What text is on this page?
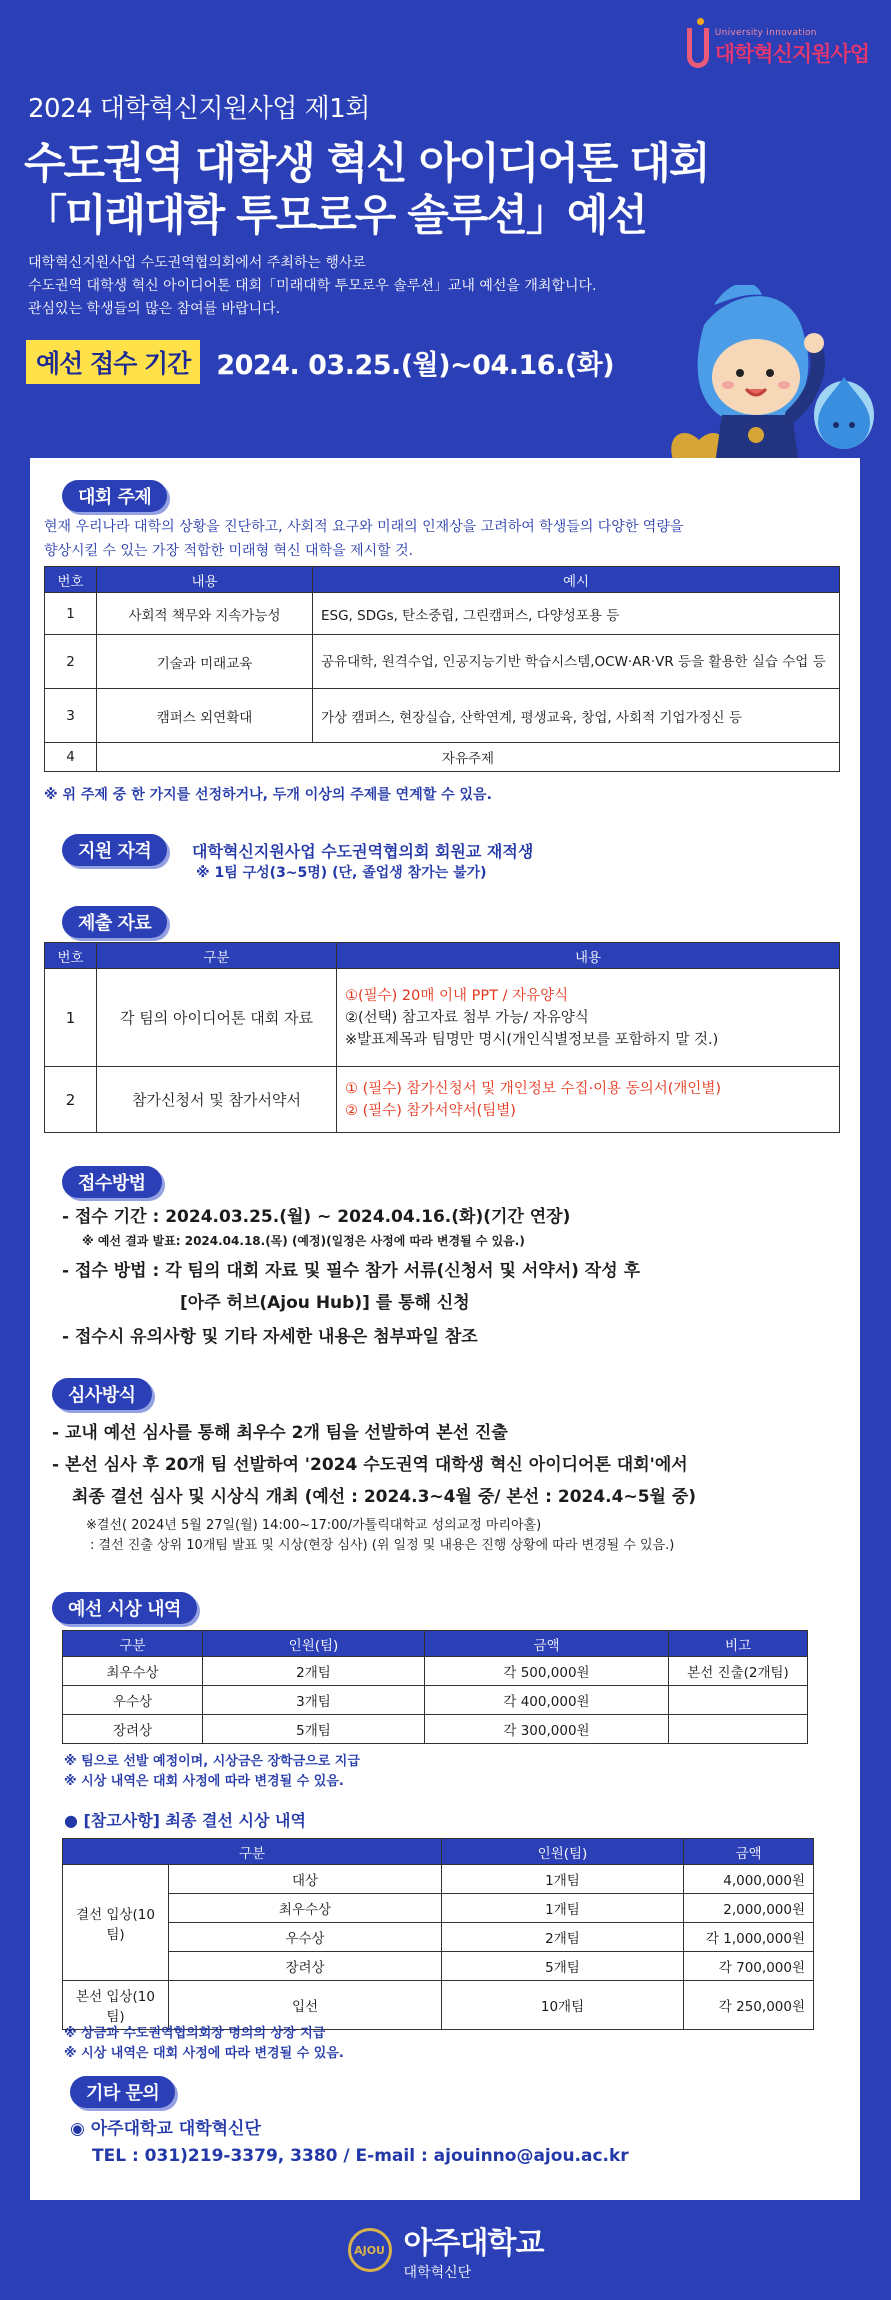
University innovation
대학혁신지원사업
2024 대학혁신지원사업 제1회
수도권역 대학생 혁신 아이디어톤 대회
「미래대학 투모로우 솔루션」예선

대학혁신지원사업 수도권역협의회에서 주최하는 행사로

수도권역 대학생 혁신 아이디어톤 대회「미래대학 투모로우 솔루션」교내 예선을 개최합니다.

관심있는 학생들의 많은 참여를 바랍니다.

예선 접수 기간 2024. 03.25.(월)~04.16.(화)
대회 주제
현재 우리나라 대학의 상황을 진단하고, 사회적 요구와 미래의 인재상을 고려하여 학생들의 다양한 역량을
향상시킬 수 있는 가장 적합한 미래형 혁신 대학을 제시할 것.
번호	내용	예시
1	사회적 책무와 지속가능성	ESG, SDGs, 탄소중립, 그린캠퍼스, 다양성포용 등
2	기술과 미래교육	공유대학, 원격수업, 인공지능기반 학습시스템,OCW·AR·VR 등을 활용한 실습 수업 등
3	캠퍼스 외연확대	가상 캠퍼스, 현장실습, 산학연계, 평생교육, 창업, 사회적 기업가정신 등
4	자유주제	
※ 위 주제 중 한 가지를 선정하거나, 두개 이상의 주제를 연계할 수 있음.
지원 자격	대학혁신지원사업 수도권역협의회 회원교 재적생
※ 1팀 구성(3~5명) (단, 졸업생 참가는 불가)
제출 자료
번호	구분	내용
1	각 팀의 아이디어톤 대회 자료	①(필수) 20매 이내 PPT / 자유양식
②(선택) 참고자료 첨부 가능/ 자유양식
※발표제목과 팀명만 명시(개인식별정보를 포함하지 말 것.)

2	참가신청서 및 참가서약서	① (필수) 참가신청서 및 개인정보 수집·이용 동의서(개인별)
② (필수) 참가서약서(팀별)
접수방법
- 접수 기간 : 2024.03.25.(월) ~ 2024.04.16.(화)(기간 연장)
※ 예선 결과 발표: 2024.04.18.(목) (예정)(일정은 사정에 따라 변경될 수 있음.)
- 접수 방법 : 각 팀의 대회 자료 및 필수 참가 서류(신청서 및 서약서) 작성 후
[아주 허브(Ajou Hub)] 를 통해 신청
- 접수시 유의사항 및 기타 자세한 내용은 첨부파일 참조
심사방식
- 교내 예선 심사를 통해 최우수 2개 팀을 선발하여 본선 진출
- 본선 심사 후 20개 팀 선발하여 '2024 수도권역 대학생 혁신 아이디어톤 대회'에서
최종 결선 심사 및 시상식 개최 (예선 : 2024.3~4월 중/ 본선 : 2024.4~5월 중)
※결선( 2024년 5월 27일(월) 14:00~17:00/가톨릭대학교 성의교정 마리아홀)
: 결선 진출 상위 10개팀 발표 및 시상(현장 심사) (위 일정 및 내용은 진행 상황에 따라 변경될 수 있음.)
예선 시상 내역
구분	인원(팀)	금액	비고
최우수상	2개팀	각 500,000원	본선 진출(2개팀)
우수상	3개팀	각 400,000원	
장려상	5개팀	각 300,000원	
※ 팀으로 선발 예정이며, 시상금은 장학금으로 지급
※ 시상 내역은 대회 사정에 따라 변경될 수 있음.
● [참고사항] 최종 결선 시상 내역
구분		인원(팀)	금액
결선 입상(10팀)	대상	1개팀	4,000,000원
	최우수상	1개팀	2,000,000원
	우수상	2개팀	각 1,000,000원
	장려상	5개팀	각 700,000원
본선 입상(10팀)	입선	10개팀	각 250,000원
※ 상금과 수도권역협의회장 명의의 상장 지급
※ 시상 내역은 대회 사정에 따라 변경될 수 있음.
기타 문의
◉ 아주대학교 대학혁신단
TEL : 031)219-3379, 3380 / E-mail : ajouinno@ajou.ac.kr
AJOU 아주대학교
대학혁신단
